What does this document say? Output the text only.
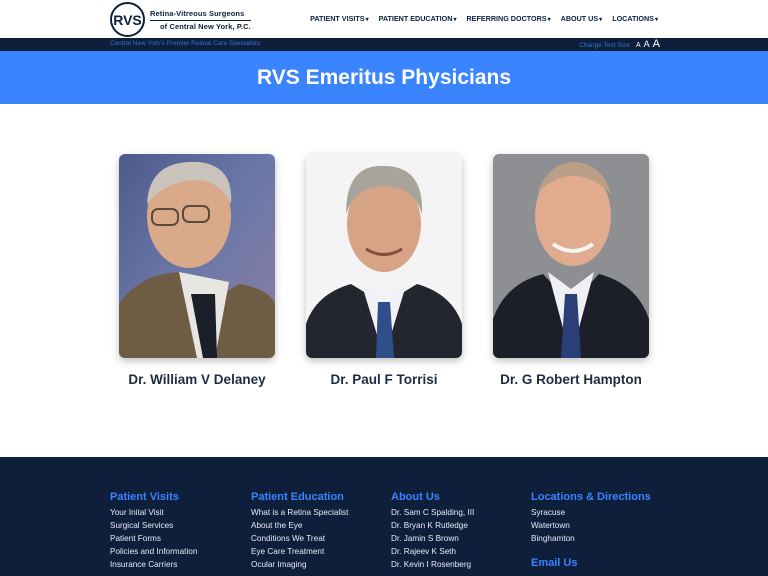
RVS Retina-Vitreous Surgeons
of Central New York, P.C.
PATIENT VISITS▾ PATIENT EDUCATION▾ REFERRING DOCTORS▾ ABOUT US▾ LOCATIONS▾
Central New York's Premier Retinal Care Specialists	Change Text Size A A A
RVS Emeritus Physicians
Dr. William V Delaney	Dr. Paul F Torrisi	Dr. G Robert Hampton
Patient Visits
Your Inital Visit
Surgical Services
Patient Forms
Policies and Information
Insurance Carriers
Patient Education
What is a Retina Specialist
About the Eye
Conditions We Treat
Eye Care Treatment
Ocular Imaging
About Us
Dr. Sam C Spalding, III
Dr. Bryan K Rutledge
Dr. Jamin S Brown
Dr. Rajeev K Seth
Dr. Kevin I Rosenberg
Locations & Directions
Syracuse
Watertown
Binghamton
Email Us
